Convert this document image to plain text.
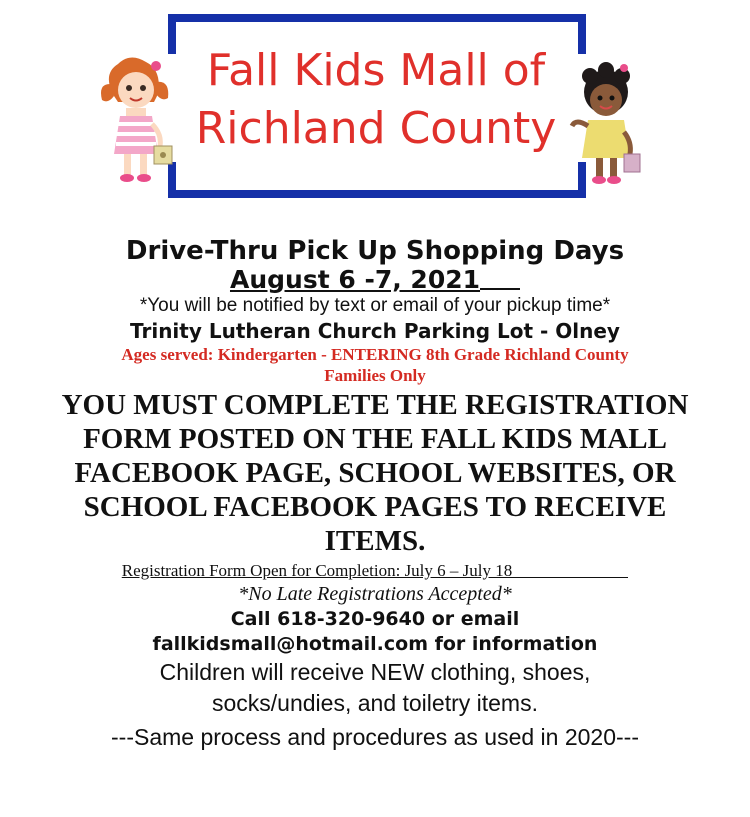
Fall Kids Mall of
Richland County

Drive-Thru Pick Up Shopping Days

August 6 -7, 2021

*You will be notified by text or email of your pickup time*

Trinity Lutheran Church Parking Lot - Olney

Ages served: Kindergarten - ENTERING 8th Grade Richland County

Families Only

YOU MUST COMPLETE THE REGISTRATION

FORM POSTED ON THE FALL KIDS MALL

FACEBOOK PAGE, SCHOOL WEBSITES, OR

SCHOOL FACEBOOK PAGES TO RECEIVE

ITEMS.

Registration Form Open for Completion: July 6 – July 18

*No Late Registrations Accepted*

Call 618-320-9640 or email

fallkidsmall@hotmail.com for information

Children will receive NEW clothing, shoes,

socks/undies, and toiletry items.

---Same process and procedures as used in 2020---
